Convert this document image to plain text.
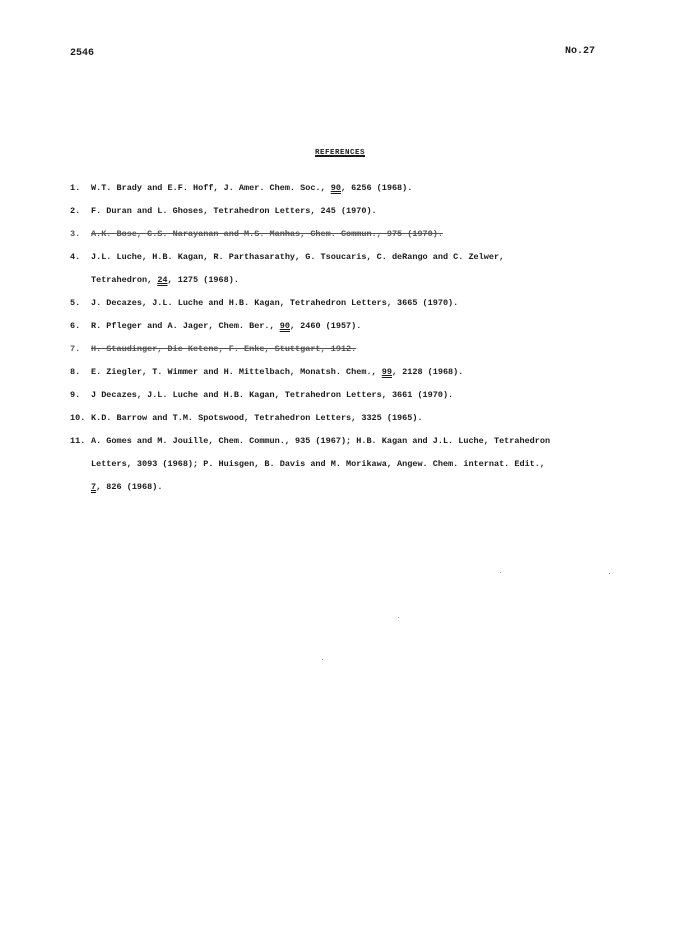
2546	No.27
REFERENCES
1.	W.T. Brady and E.F. Hoff, J. Amer. Chem. Soc., 90, 6256 (1968).
2.	F. Duran and L. Ghoses, Tetrahedron Letters, 245 (1970).
3.	A.K. Bose, C.S. Narayanan and M.S. Manhas, Chem. Commun., 975 (1970).
4.	J.L. Luche, H.B. Kagan, R. Parthasarathy, G. Tsoucaris, C. deRango and C. Zelwer,
Tetrahedron, 24, 1275 (1968).
5.	J. Decazes, J.L. Luche and H.B. Kagan, Tetrahedron Letters, 3665 (1970).
6.	R. Pfleger and A. Jager, Chem. Ber., 90, 2460 (1957).
7.	H. Staudinger, Die Ketene, F. Enke, Stuttgart, 1912.
8.	E. Ziegler, T. Wimmer and H. Mittelbach, Monatsh. Chem., 99, 2128 (1968).
9.	J Decazes, J.L. Luche and H.B. Kagan, Tetrahedron Letters, 3661 (1970).
10. K.D. Barrow and T.M. Spotswood, Tetrahedron Letters, 3325 (1965).
11. A. Gomes and M. Jouille, Chem. Commun., 935 (1967); H.B. Kagan and J.L. Luche, Tetrahedron
Letters, 3093 (1968); P. Huisgen, B. Davis and M. Morikawa, Angew. Chem. internat. Edit.,
7, 826 (1968).
